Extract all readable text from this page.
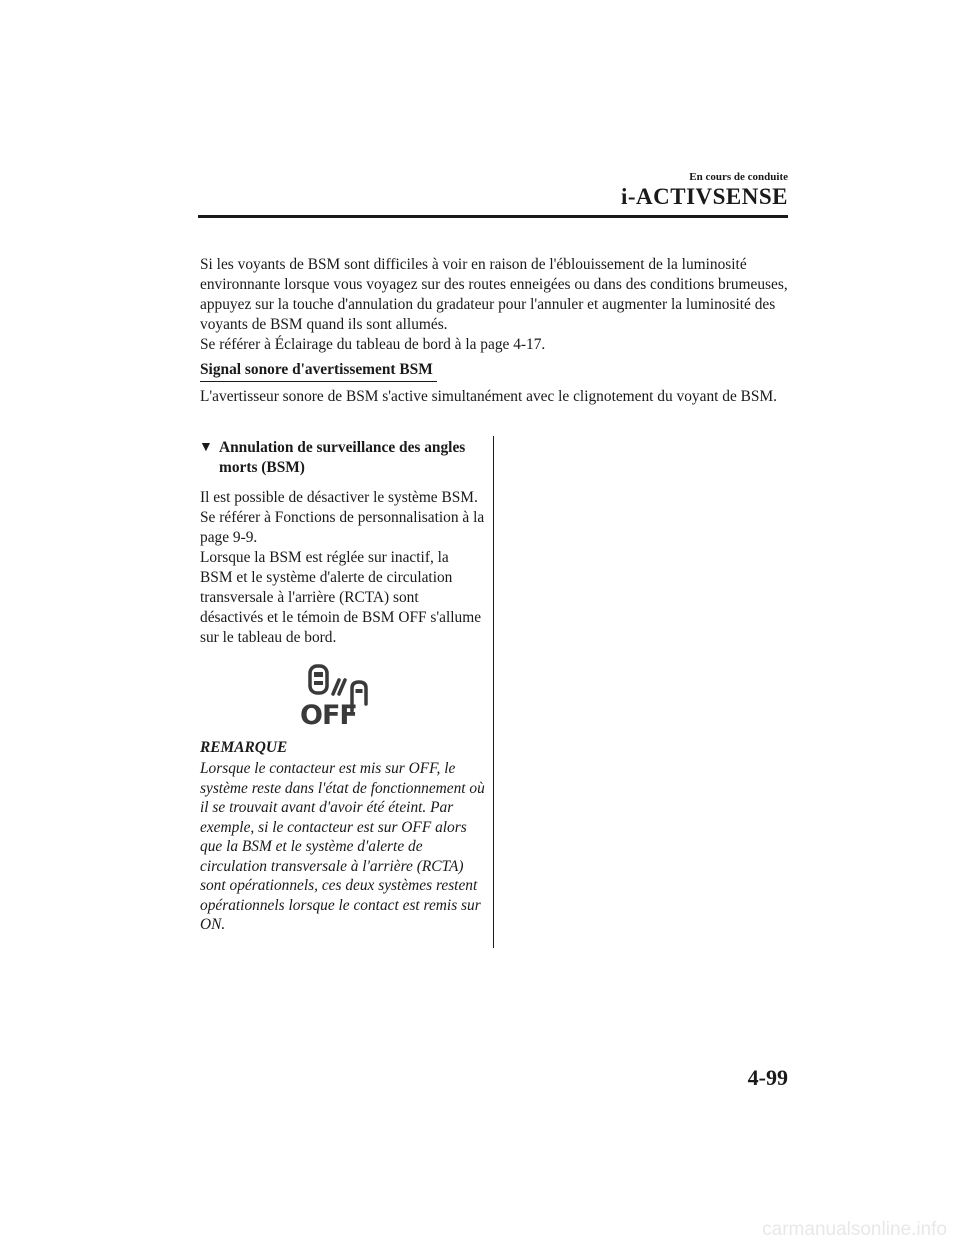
En cours de conduite
i-ACTIVSENSE

Si les voyants de BSM sont difficiles à voir en raison de l'éblouissement de la luminosité environnante lorsque vous voyagez sur des routes enneigées ou dans des conditions brumeuses, appuyez sur la touche d'annulation du gradateur pour l'annuler et augmenter la luminosité des voyants de BSM quand ils sont allumés.
Se référer à Éclairage du tableau de bord à la page 4-17.

Signal sonore d'avertissement BSM

L'avertisseur sonore de BSM s'active simultanément avec le clignotement du voyant de BSM.

▼ Annulation de surveillance des angles morts (BSM)

Il est possible de désactiver le système BSM.
Se référer à Fonctions de personnalisation à la page 9-9.
Lorsque la BSM est réglée sur inactif, la BSM et le système d'alerte de circulation transversale à l'arrière (RCTA) sont désactivés et le témoin de BSM OFF s'allume sur le tableau de bord.

OFF
REMARQUE

Lorsque le contacteur est mis sur OFF, le système reste dans l'état de fonctionnement où il se trouvait avant d'avoir été éteint. Par exemple, si le contacteur est sur OFF alors que la BSM et le système d'alerte de circulation transversale à l'arrière (RCTA) sont opérationnels, ces deux systèmes restent opérationnels lorsque le contact est remis sur ON.

4-99
carmanualsonline.info
